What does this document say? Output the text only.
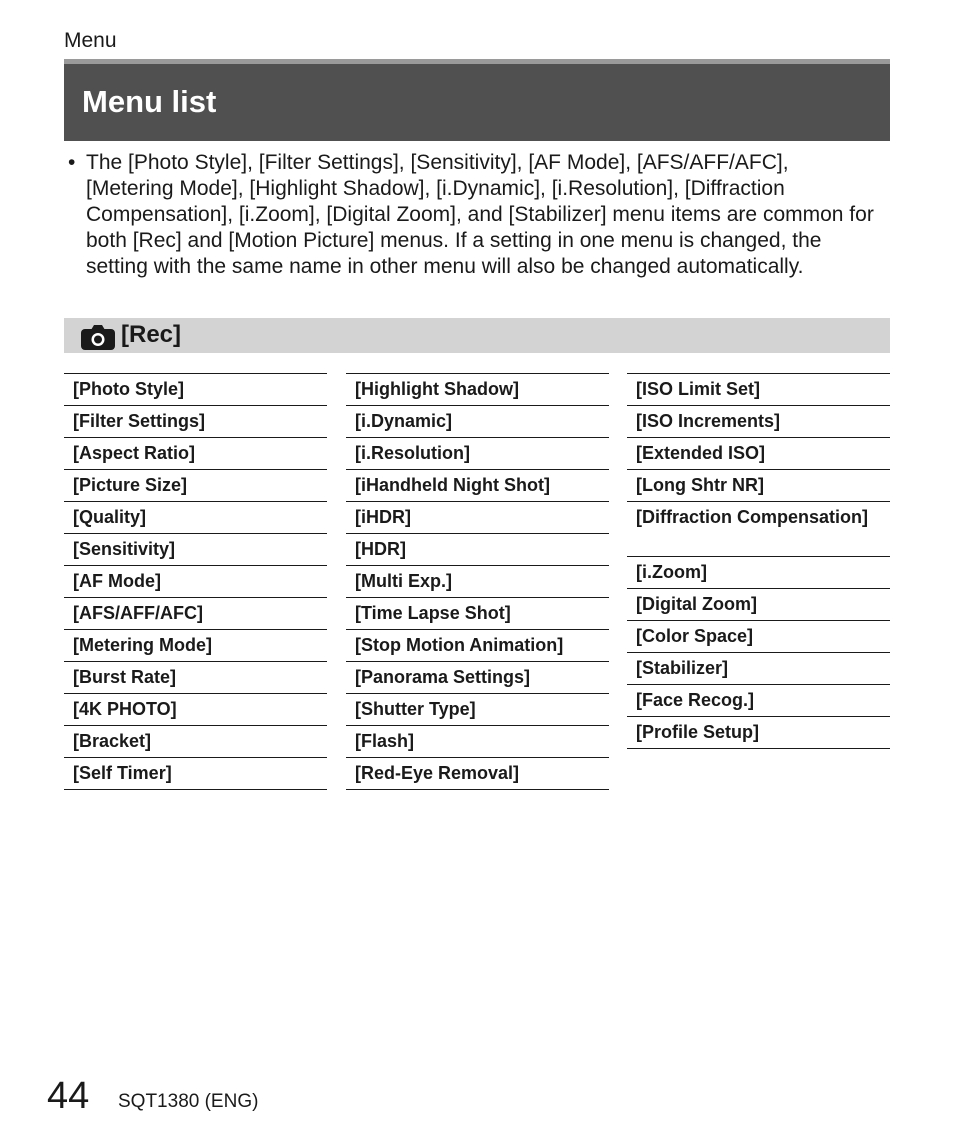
Menu
Menu list
• The [Photo Style], [Filter Settings], [Sensitivity], [AF Mode], [AFS/AFF/AFC], [Metering Mode], [Highlight Shadow], [i.Dynamic], [i.Resolution], [Diffraction Compensation], [i.Zoom], [Digital Zoom], and [Stabilizer] menu items are common for both [Rec] and [Motion Picture] menus. If a setting in one menu is changed, the setting with the same name in other menu will also be changed automatically.
[Rec]
[Photo Style]
[Filter Settings]
[Aspect Ratio]
[Picture Size]
[Quality]
[Sensitivity]
[AF Mode]
[AFS/AFF/AFC]
[Metering Mode]
[Burst Rate]
[4K PHOTO]
[Bracket]
[Self Timer]
[Highlight Shadow]
[i.Dynamic]
[i.Resolution]
[iHandheld Night Shot]
[iHDR]
[HDR]
[Multi Exp.]
[Time Lapse Shot]
[Stop Motion Animation]
[Panorama Settings]
[Shutter Type]
[Flash]
[Red-Eye Removal]
[ISO Limit Set]
[ISO Increments]
[Extended ISO]
[Long Shtr NR]
[Diffraction Compensation]
[i.Zoom]
[Digital Zoom]
[Color Space]
[Stabilizer]
[Face Recog.]
[Profile Setup]
44 SQT1380 (ENG)
